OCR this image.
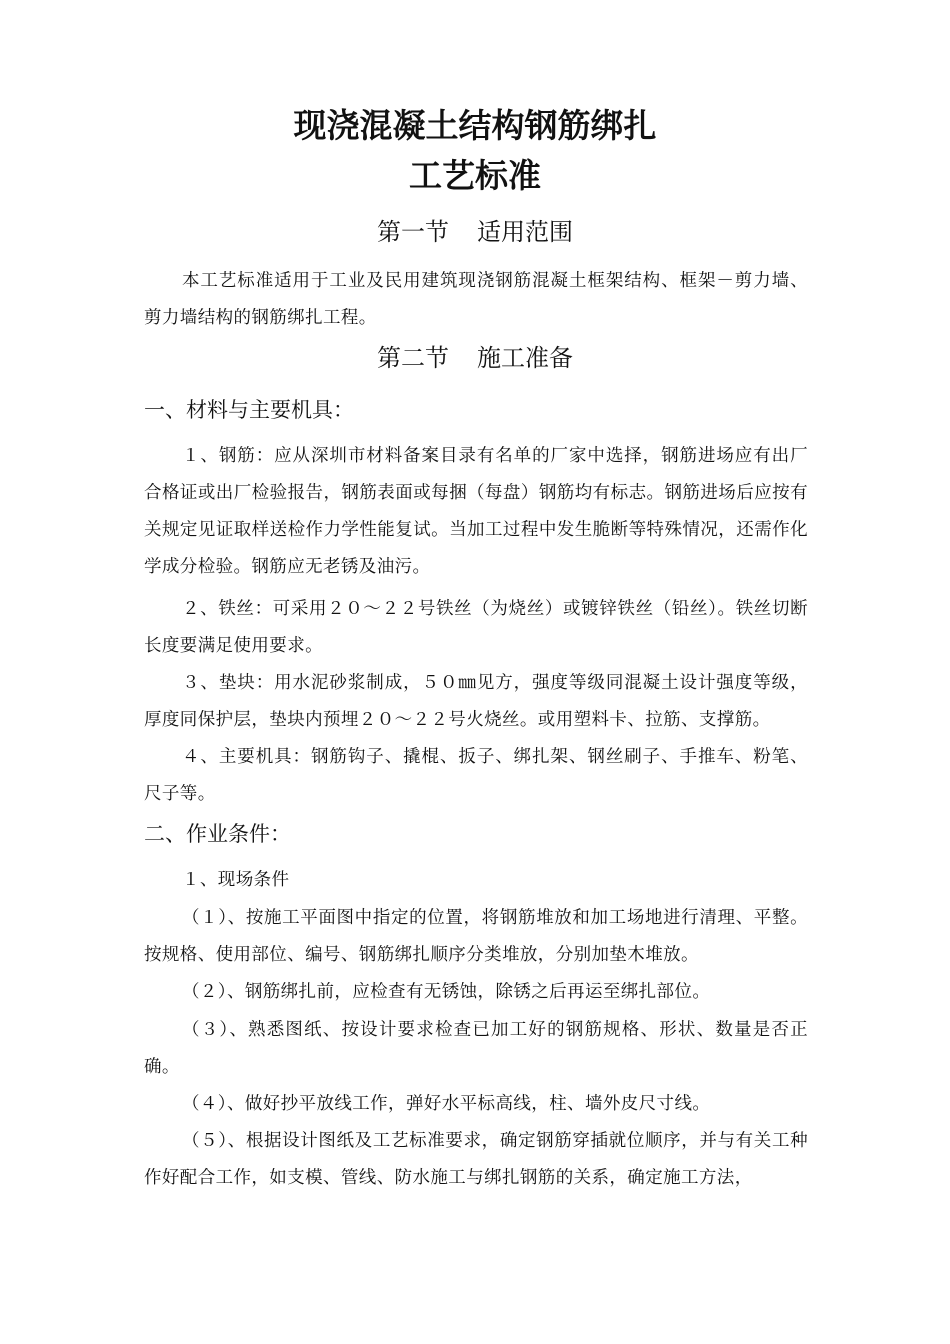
现浇混凝土结构钢筋绑扎
工艺标准
第一节 适用范围

本工艺标准适用于工业及民用建筑现浇钢筋混凝土框架结构、框架－剪力墙、剪力墙结构的钢筋绑扎工程。

第二节 施工准备
一、材料与主要机具：

１、钢筋：应从深圳市材料备案目录有名单的厂家中选择，钢筋进场应有出厂合格证或出厂检验报告，钢筋表面或每捆（每盘）钢筋均有标志。钢筋进场后应按有关规定见证取样送检作力学性能复试。当加工过程中发生脆断等特殊情况，还需作化学成分检验。钢筋应无老锈及油污。

２、铁丝：可采用２０～２２号铁丝（为烧丝）或镀锌铁丝（铅丝）。铁丝切断长度要满足使用要求。

３、垫块：用水泥砂浆制成，５０㎜见方，强度等级同混凝土设计强度等级，厚度同保护层，垫块内预埋２０～２２号火烧丝。或用塑料卡、拉筋、支撑筋。

４、主要机具：钢筋钩子、撬棍、扳子、绑扎架、钢丝刷子、手推车、粉笔、尺子等。

二、作业条件：

１、现场条件

（１）、按施工平面图中指定的位置，将钢筋堆放和加工场地进行清理、平整。按规格、使用部位、编号、钢筋绑扎顺序分类堆放，分别加垫木堆放。

（２）、钢筋绑扎前，应检查有无锈蚀，除锈之后再运至绑扎部位。

（３）、熟悉图纸、按设计要求检查已加工好的钢筋规格、形状、数量是否正确。

（４）、做好抄平放线工作，弹好水平标高线，柱、墙外皮尺寸线。

（５）、根据设计图纸及工艺标准要求，确定钢筋穿插就位顺序，并与有关工种作好配合工作，如支模、管线、防水施工与绑扎钢筋的关系，确定施工方法，
